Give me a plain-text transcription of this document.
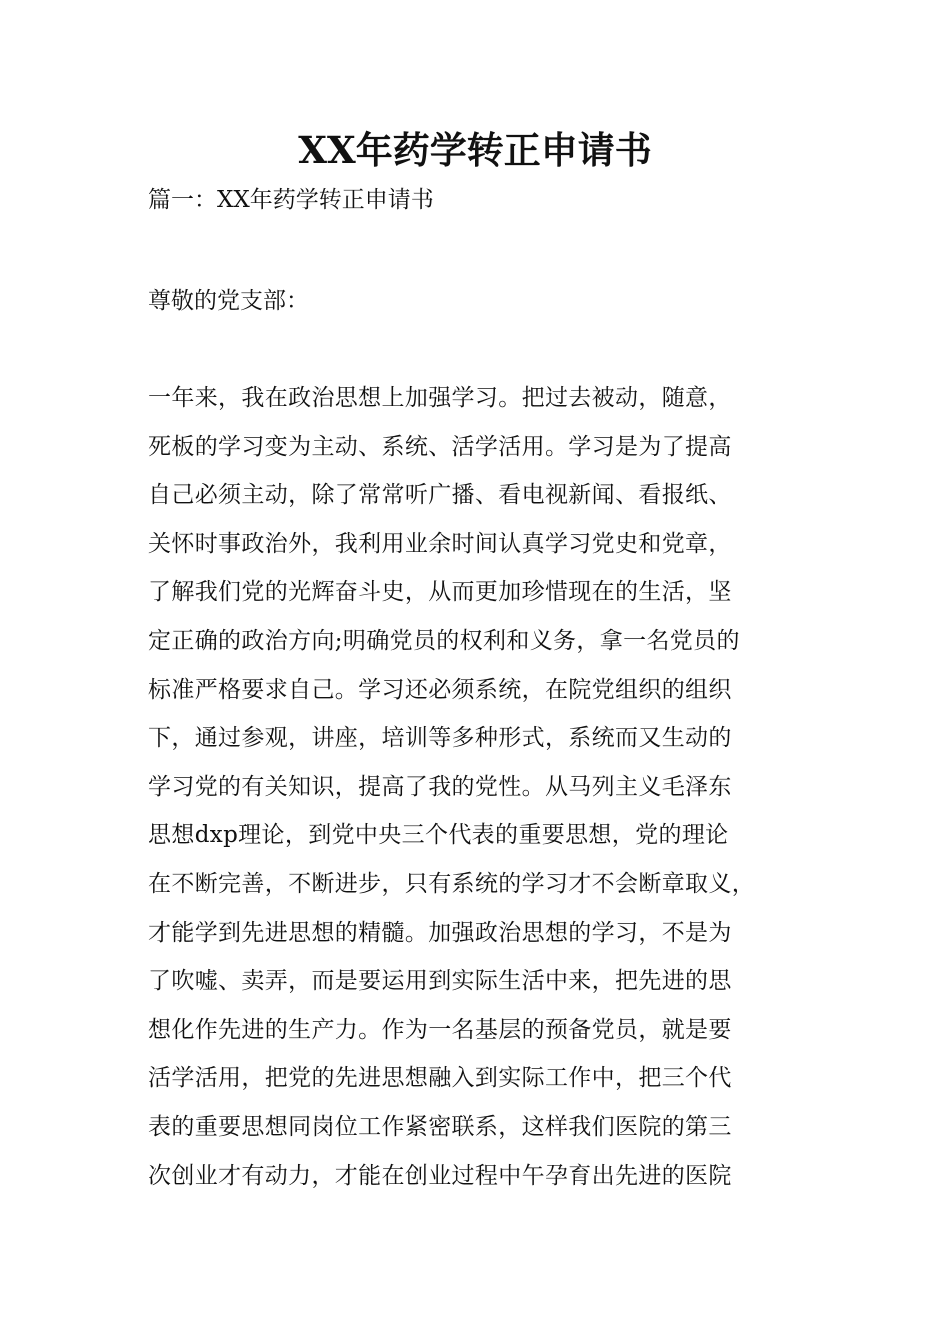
XX年药学转正申请书
篇一：XX年药学转正申请书
尊敬的党支部：
一年来，我在政治思想上加强学习。把过去被动，随意，
死板的学习变为主动、系统、活学活用。学习是为了提高
自己必须主动，除了常常听广播、看电视新闻、看报纸、
关怀时事政治外，我利用业余时间认真学习党史和党章，
了解我们党的光辉奋斗史，从而更加珍惜现在的生活，坚
定正确的政治方向;明确党员的权利和义务，拿一名党员的
标准严格要求自己。学习还必须系统，在院党组织的组织
下，通过参观，讲座，培训等多种形式，系统而又生动的
学习党的有关知识，提高了我的党性。从马列主义毛泽东
思想dxp理论，到党中央三个代表的重要思想，党的理论
在不断完善，不断进步，只有系统的学习才不会断章取义，
才能学到先进思想的精髓。加强政治思想的学习，不是为
了吹嘘、卖弄，而是要运用到实际生活中来，把先进的思
想化作先进的生产力。作为一名基层的预备党员，就是要
活学活用，把党的先进思想融入到实际工作中，把三个代
表的重要思想同岗位工作紧密联系，这样我们医院的第三
次创业才有动力，才能在创业过程中午孕育出先进的医院
